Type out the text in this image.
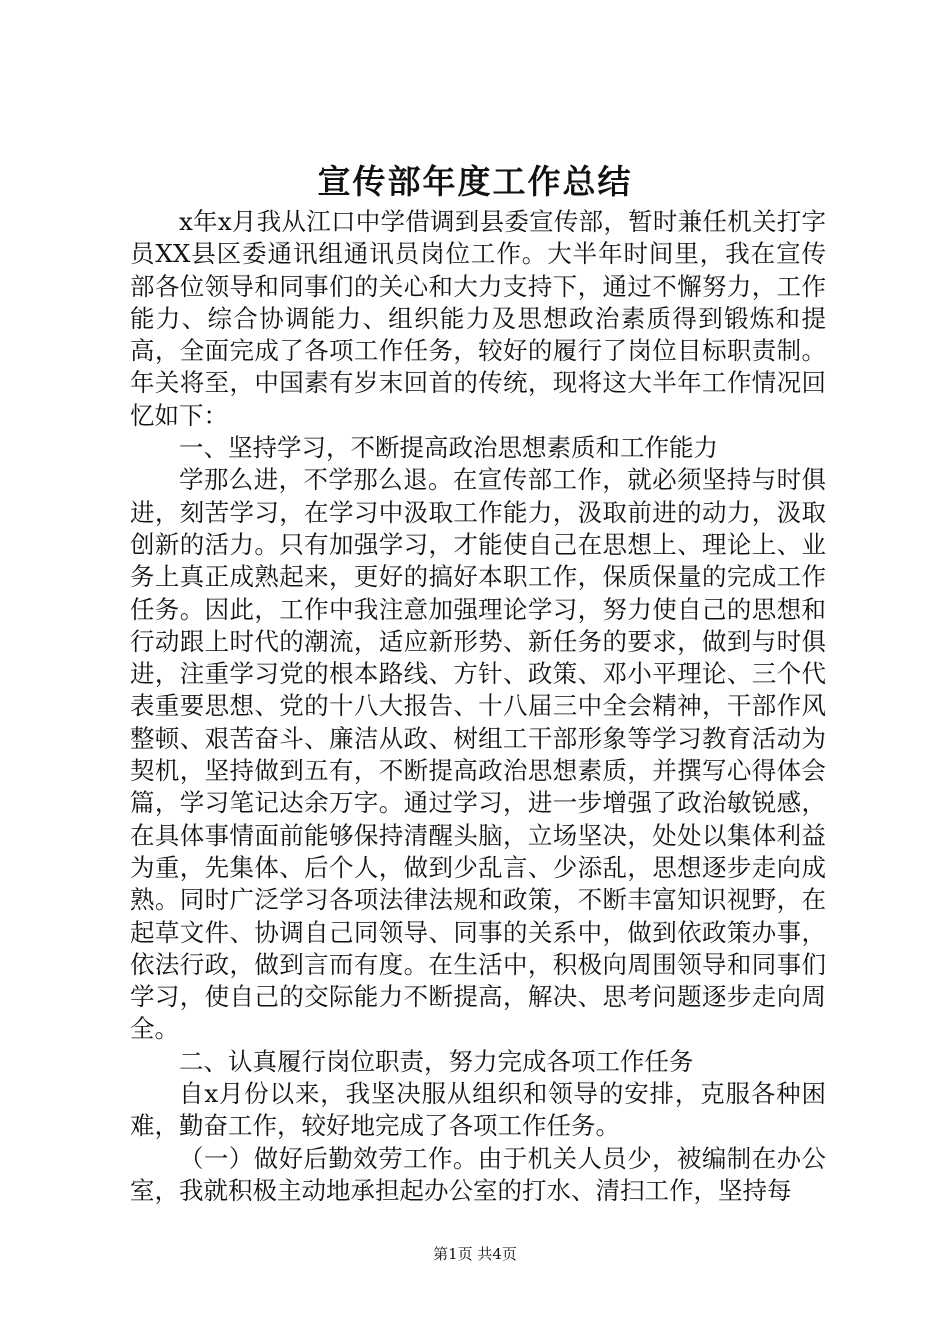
宣传部年度工作总结

x年x月我从江口中学借调到县委宣传部，暂时兼任机关打字员XX县区委通讯组通讯员岗位工作。大半年时间里，我在宣传部各位领导和同事们的关心和大力支持下，通过不懈努力，工作能力、综合协调能力、组织能力及思想政治素质得到锻炼和提高，全面完成了各项工作任务，较好的履行了岗位目标职责制。年关将至，中国素有岁末回首的传统，现将这大半年工作情况回忆如下：

一、坚持学习，不断提高政治思想素质和工作能力

学那么进，不学那么退。在宣传部工作，就必须坚持与时俱进，刻苦学习，在学习中汲取工作能力，汲取前进的动力，汲取创新的活力。只有加强学习，才能使自己在思想上、理论上、业务上真正成熟起来，更好的搞好本职工作，保质保量的完成工作任务。因此，工作中我注意加强理论学习，努力使自己的思想和行动跟上时代的潮流，适应新形势、新任务的要求，做到与时俱进，注重学习党的根本路线、方针、政策、邓小平理论、三个代表重要思想、党的十八大报告、十八届三中全会精神，干部作风整顿、艰苦奋斗、廉洁从政、树组工干部形象等学习教育活动为契机，坚持做到五有，不断提高政治思想素质，并撰写心得体会篇，学习笔记达余万字。通过学习，进一步增强了政治敏锐感，在具体事情面前能够保持清醒头脑，立场坚决，处处以集体利益为重，先集体、后个人，做到少乱言、少添乱，思想逐步走向成熟。同时广泛学习各项法律法规和政策，不断丰富知识视野，在起草文件、协调自己同领导、同事的关系中，做到依政策办事，依法行政，做到言而有度。在生活中，积极向周围领导和同事们学习，使自己的交际能力不断提高，解决、思考问题逐步走向周全。

二、认真履行岗位职责，努力完成各项工作任务

自x月份以来，我坚决服从组织和领导的安排，克服各种困难，勤奋工作，较好地完成了各项工作任务。

（一）做好后勤效劳工作。由于机关人员少，被编制在办公室，我就积极主动地承担起办公室的打水、清扫工作，坚持每

第1页 共4页
